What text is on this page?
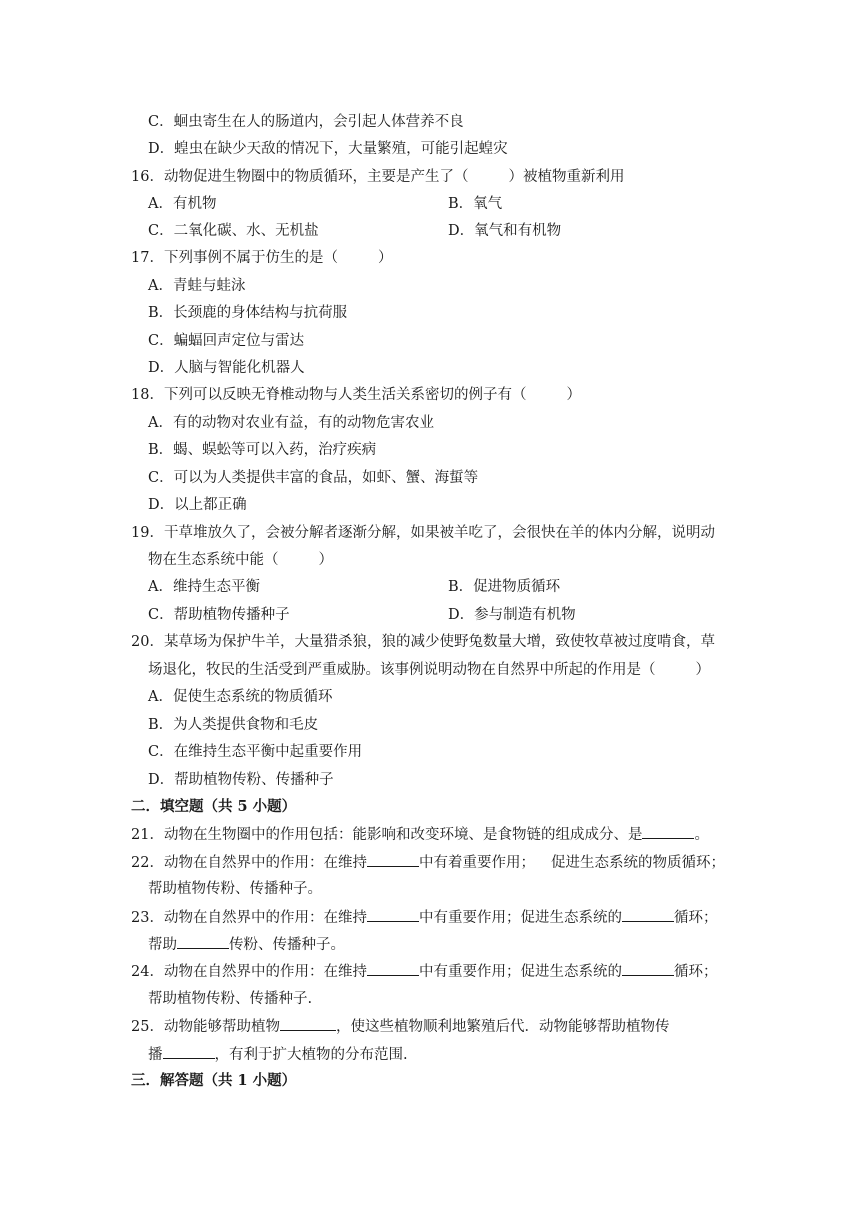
C．蛔虫寄生在人的肠道内，会引起人体营养不良
D．蝗虫在缺少天敌的情况下，大量繁殖，可能引起蝗灾
16．动物促进生物圈中的物质循环，主要是产生了（	）被植物重新利用
A．有机物	B．氧气
C．二氧化碳、水、无机盐	D．氧气和有机物
17．下列事例不属于仿生的是（	）
A．青蛙与蛙泳
B．长颈鹿的身体结构与抗荷服
C．蝙蝠回声定位与雷达
D．人脑与智能化机器人
18．下列可以反映无脊椎动物与人类生活关系密切的例子有（	）
A．有的动物对农业有益，有的动物危害农业
B．蝎、蜈蚣等可以入药，治疗疾病
C．可以为人类提供丰富的食品，如虾、蟹、海蜇等
D．以上都正确
19．干草堆放久了，会被分解者逐渐分解，如果被羊吃了，会很快在羊的体内分解，说明动
物在生态系统中能（	）
A．维持生态平衡	B．促进物质循环
C．帮助植物传播种子	D．参与制造有机物
20．某草场为保护牛羊，大量猎杀狼，狼的减少使野兔数量大增，致使牧草被过度啃食，草
场退化，牧民的生活受到严重威胁。该事例说明动物在自然界中所起的作用是（	）
A．促使生态系统的物质循环
B．为人类提供食物和毛皮
C．在维持生态平衡中起重要作用
D．帮助植物传粉、传播种子
二．填空题（共 5 小题）
21．动物在生物圈中的作用包括：能影响和改变环境、是食物链的组成成分、是	。
22．动物在自然界中的作用：在维持	中有着重要作用； 促进生态系统的物质循环；
帮助植物传粉、传播种子。
23．动物在自然界中的作用：在维持	中有重要作用；促进生态系统的	循环；
帮助	传粉、传播种子。
24．动物在自然界中的作用：在维持	中有重要作用；促进生态系统的	循环；
帮助植物传粉、传播种子.
25．动物能够帮助植物	，使这些植物顺利地繁殖后代．动物能够帮助植物传
播	，有利于扩大植物的分布范围.
三．解答题（共 1 小题）
